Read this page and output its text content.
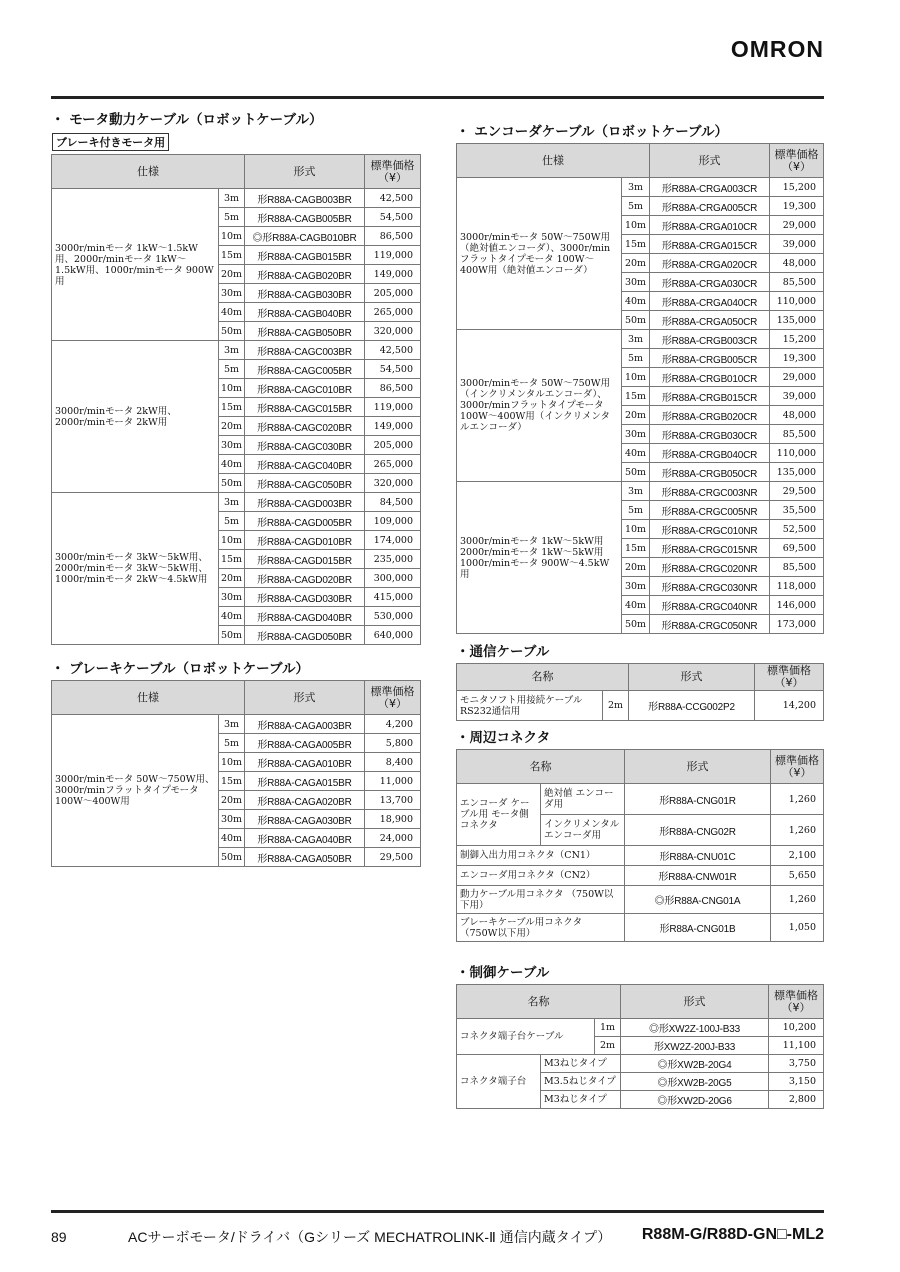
OMRON
・ モータ動力ケーブル（ロボットケーブル）
ブレーキ付きモータ用
仕様		形式	標準価格（¥）
3000r/minモータ 1kW～1.5kW用、2000r/minモータ 1kW～1.5kW用、1000r/minモータ 900W用	3m	形R88A-CAGB003BR	42,500
	5m	形R88A-CAGB005BR	54,500
	10m	◎形R88A-CAGB010BR	86,500
	15m	形R88A-CAGB015BR	119,000
	20m	形R88A-CAGB020BR	149,000
	30m	形R88A-CAGB030BR	205,000
	40m	形R88A-CAGB040BR	265,000
	50m	形R88A-CAGB050BR	320,000
3000r/minモータ 2kW用、2000r/minモータ 2kW用	3m	形R88A-CAGC003BR	42,500
	5m	形R88A-CAGC005BR	54,500
	10m	形R88A-CAGC010BR	86,500
	15m	形R88A-CAGC015BR	119,000
	20m	形R88A-CAGC020BR	149,000
	30m	形R88A-CAGC030BR	205,000
	40m	形R88A-CAGC040BR	265,000
	50m	形R88A-CAGC050BR	320,000
3000r/minモータ 3kW～5kW用、2000r/minモータ 3kW～5kW用、1000r/minモータ 2kW～4.5kW用	3m	形R88A-CAGD003BR	84,500
	5m	形R88A-CAGD005BR	109,000
	10m	形R88A-CAGD010BR	174,000
	15m	形R88A-CAGD015BR	235,000
	20m	形R88A-CAGD020BR	300,000
	30m	形R88A-CAGD030BR	415,000
	40m	形R88A-CAGD040BR	530,000
	50m	形R88A-CAGD050BR	640,000
・ ブレーキケーブル（ロボットケーブル）
仕様		形式	標準価格（¥）
3000r/minモータ 50W～750W用、3000r/minフラットタイプモータ 100W～400W用	3m	形R88A-CAGA003BR	4,200
	5m	形R88A-CAGA005BR	5,800
	10m	形R88A-CAGA010BR	8,400
	15m	形R88A-CAGA015BR	11,000
	20m	形R88A-CAGA020BR	13,700
	30m	形R88A-CAGA030BR	18,900
	40m	形R88A-CAGA040BR	24,000
	50m	形R88A-CAGA050BR	29,500
・ エンコーダケーブル（ロボットケーブル）
仕様		形式	標準価格（¥）
3000r/minモータ 50W～750W用（絶対値エンコーダ）、3000r/minフラットタイプモータ 100W～400W用（絶対値エンコーダ）	3m	形R88A-CRGA003CR	15,200
	5m	形R88A-CRGA005CR	19,300
	10m	形R88A-CRGA010CR	29,000
	15m	形R88A-CRGA015CR	39,000
	20m	形R88A-CRGA020CR	48,000
	30m	形R88A-CRGA030CR	85,500
	40m	形R88A-CRGA040CR	110,000
	50m	形R88A-CRGA050CR	135,000
3000r/minモータ 50W～750W用（インクリメンタルエンコーダ）、3000r/minフラットタイプモータ 100W～400W用（インクリメンタルエンコーダ）	3m	形R88A-CRGB003CR	15,200
	5m	形R88A-CRGB005CR	19,300
	10m	形R88A-CRGB010CR	29,000
	15m	形R88A-CRGB015CR	39,000
	20m	形R88A-CRGB020CR	48,000
	30m	形R88A-CRGB030CR	85,500
	40m	形R88A-CRGB040CR	110,000
	50m	形R88A-CRGB050CR	135,000
3000r/minモータ 1kW～5kW用 2000r/minモータ 1kW～5kW用 1000r/minモータ 900W～4.5kW用	3m	形R88A-CRGC003NR	29,500
	5m	形R88A-CRGC005NR	35,500
	10m	形R88A-CRGC010NR	52,500
	15m	形R88A-CRGC015NR	69,500
	20m	形R88A-CRGC020NR	85,500
	30m	形R88A-CRGC030NR	118,000
	40m	形R88A-CRGC040NR	146,000
	50m	形R88A-CRGC050NR	173,000
・通信ケーブル
名称		形式	標準価格（¥）
モニタソフト用接続ケーブル RS232通信用	2m	形R88A-CCG002P2	14,200
・周辺コネクタ
名称		形式	標準価格（¥）
エンコーダ ケーブル用 モータ側コネクタ	絶対値 エンコーダ用	形R88A-CNG01R	1,260
	インクリメンタル エンコーダ用	形R88A-CNG02R	1,260
制御入出力用コネクタ（CN1）		形R88A-CNU01C	2,100
エンコーダ用コネクタ（CN2）		形R88A-CNW01R	5,650
動力ケーブル用コネクタ （750W以下用）		◎形R88A-CNG01A	1,260
ブレーキケーブル用コネクタ （750W以下用）		形R88A-CNG01B	1,050
・制御ケーブル
名称			形式	標準価格（¥）
コネクタ端子台ケーブル		1m	◎形XW2Z-100J-B33	10,200
		2m	形XW2Z-200J-B33	11,100
コネクタ端子台	M3ねじタイプ		◎形XW2B-20G4	3,750
	M3.5ねじタイプ		◎形XW2B-20G5	3,150
	M3ねじタイプ		◎形XW2D-20G6	2,800
89	ACサーボモータ/ドライバ（Gシリーズ MECHATROLINK-Ⅱ 通信内蔵タイプ） R88M-G/R88D-GN□-ML2
